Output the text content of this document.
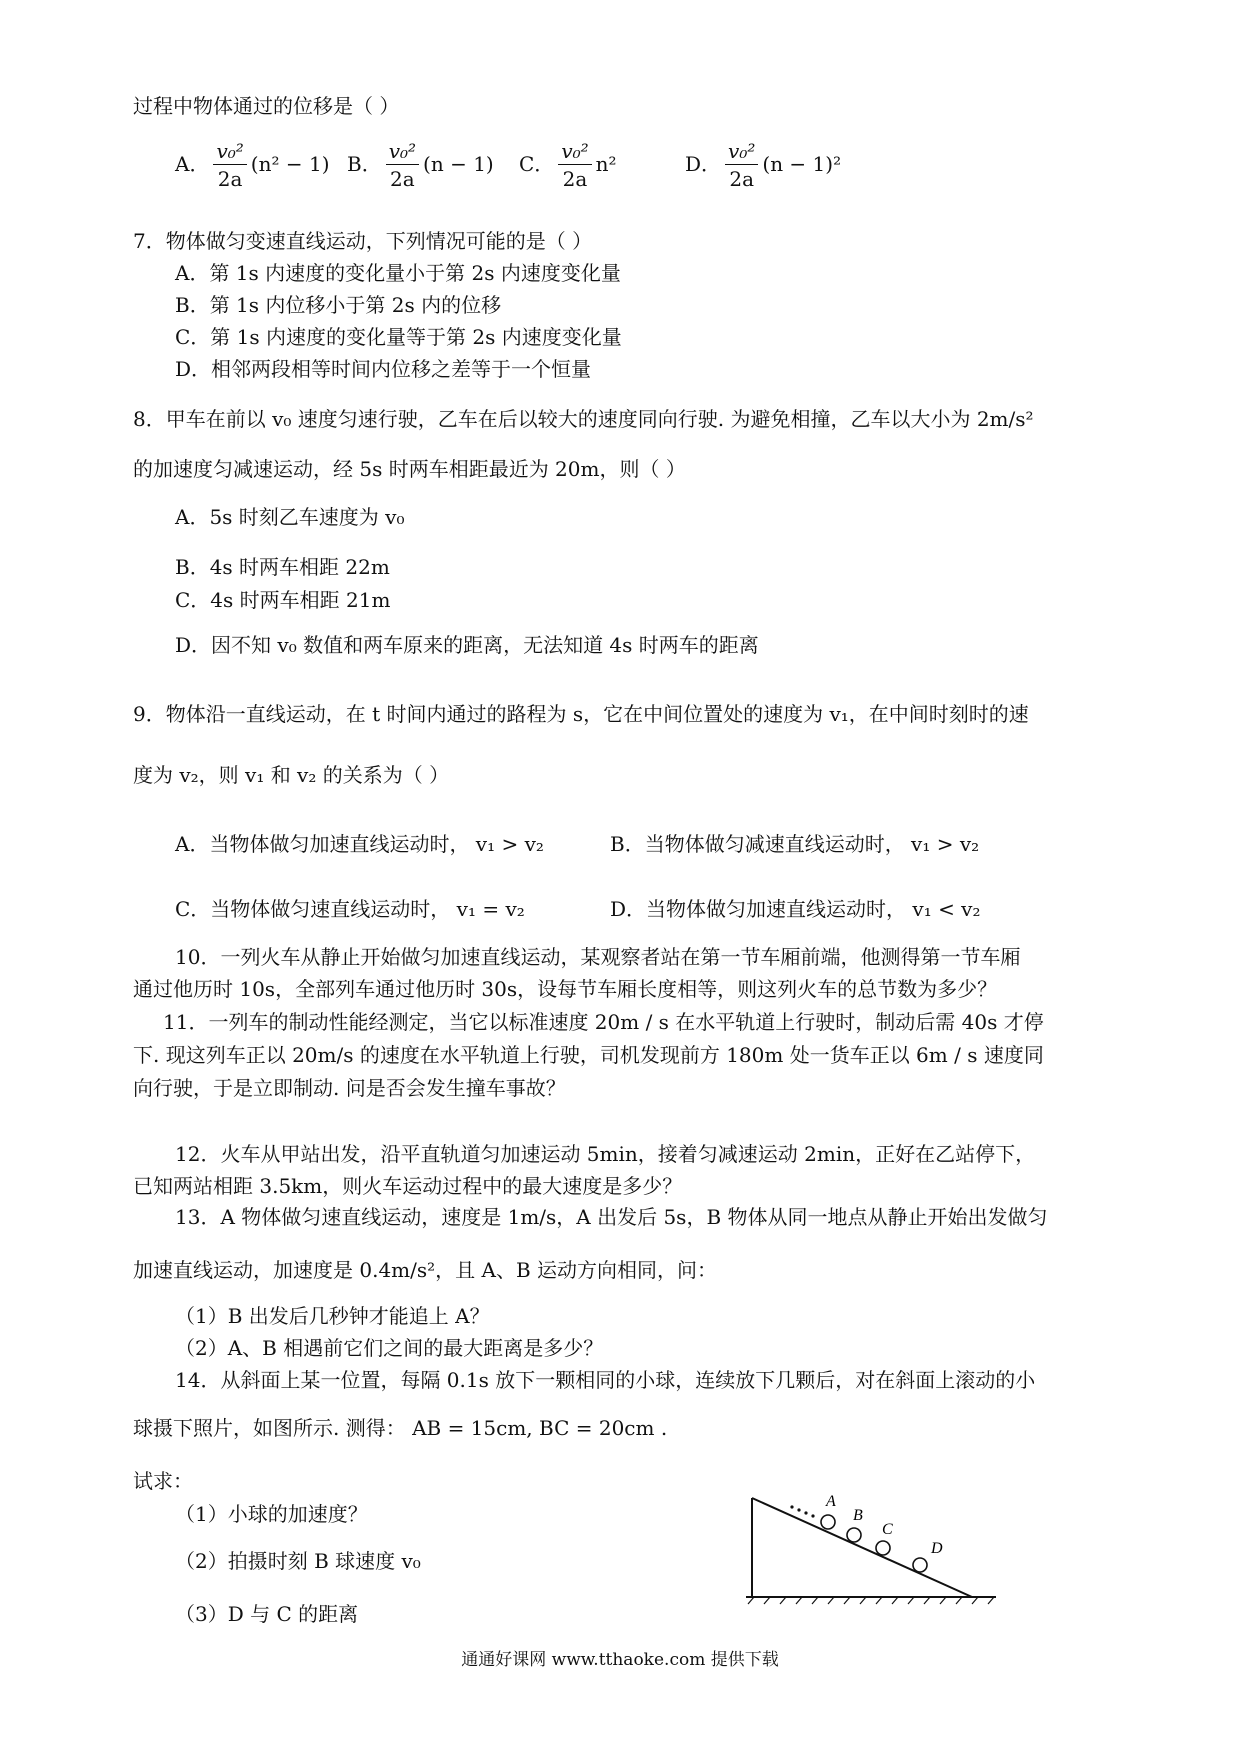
过程中物体通过的位移是（ ）
A． $\frac{\text{v₀²}}{2a} (n^2 - 1)$ B． $\frac{\text{v₀²}}{2a} (n - 1)$	C． $\frac{\text{v₀²}}{2a} n^2$	D． $\frac{\text{v₀²}}{2a} (n - 1)^2$
7．物体做匀变速直线运动，下列情况可能的是（ ）
A．第 1s 内速度的变化量小于第 2s 内速度变化量
B．第 1s 内位移小于第 2s 内的位移
C．第 1s 内速度的变化量等于第 2s 内速度变化量
D．相邻两段相等时间内位移之差等于一个恒量
8．甲车在前以 v₀ 速度匀速行驶，乙车在后以较大的速度同向行驶. 为避免相撞，乙车以大小为 2m/s²
的加速度匀减速运动，经 5s 时两车相距最近为 20m，则（ ）
A．5s 时刻乙车速度为 v₀
B．4s 时两车相距 22m
C．4s 时两车相距 21m
D．因不知 v₀ 数值和两车原来的距离，无法知道 4s 时两车的距离
9．物体沿一直线运动，在 t 时间内通过的路程为 s，它在中间位置处的速度为 v₁，在中间时刻时的速
度为 v₂，则 v₁ 和 v₂ 的关系为（ ）
A．当物体做匀加速直线运动时， v₁ > v₂	B．当物体做匀减速直线运动时， v₁ > v₂
C．当物体做匀速直线运动时， v₁ = v₂	D．当物体做匀加速直线运动时， v₁ < v₂
10．一列火车从静止开始做匀加速直线运动，某观察者站在第一节车厢前端，他测得第一节车厢
通过他历时 10s，全部列车通过他历时 30s，设每节车厢长度相等，则这列火车的总节数为多少？
11．一列车的制动性能经测定，当它以标准速度 20m / s 在水平轨道上行驶时，制动后需 40s 才停
下. 现这列车正以 20m/s 的速度在水平轨道上行驶，司机发现前方 180m 处一货车正以 6m / s 速度同
向行驶，于是立即制动. 问是否会发生撞车事故？
12．火车从甲站出发，沿平直轨道匀加速运动 5min，接着匀减速运动 2min，正好在乙站停下，
已知两站相距 3.5km，则火车运动过程中的最大速度是多少？
13．A 物体做匀速直线运动，速度是 1m/s，A 出发后 5s，B 物体从同一地点从静止开始出发做匀
加速直线运动，加速度是 0.4m/s²，且 A、B 运动方向相同，问：
（1）B 出发后几秒钟才能追上 A？
（2）A、B 相遇前它们之间的最大距离是多少？
14．从斜面上某一位置，每隔 0.1s 放下一颗相同的小球，连续放下几颗后，对在斜面上滚动的小
球摄下照片，如图所示. 测得： AB = 15cm, BC = 20cm .
试求：
（1）小球的加速度？
（2）拍摄时刻 B 球速度 v₀
（3）D 与 C 的距离
A
B
C
D
通通好课网 www.tthaoke.com 提供下载
